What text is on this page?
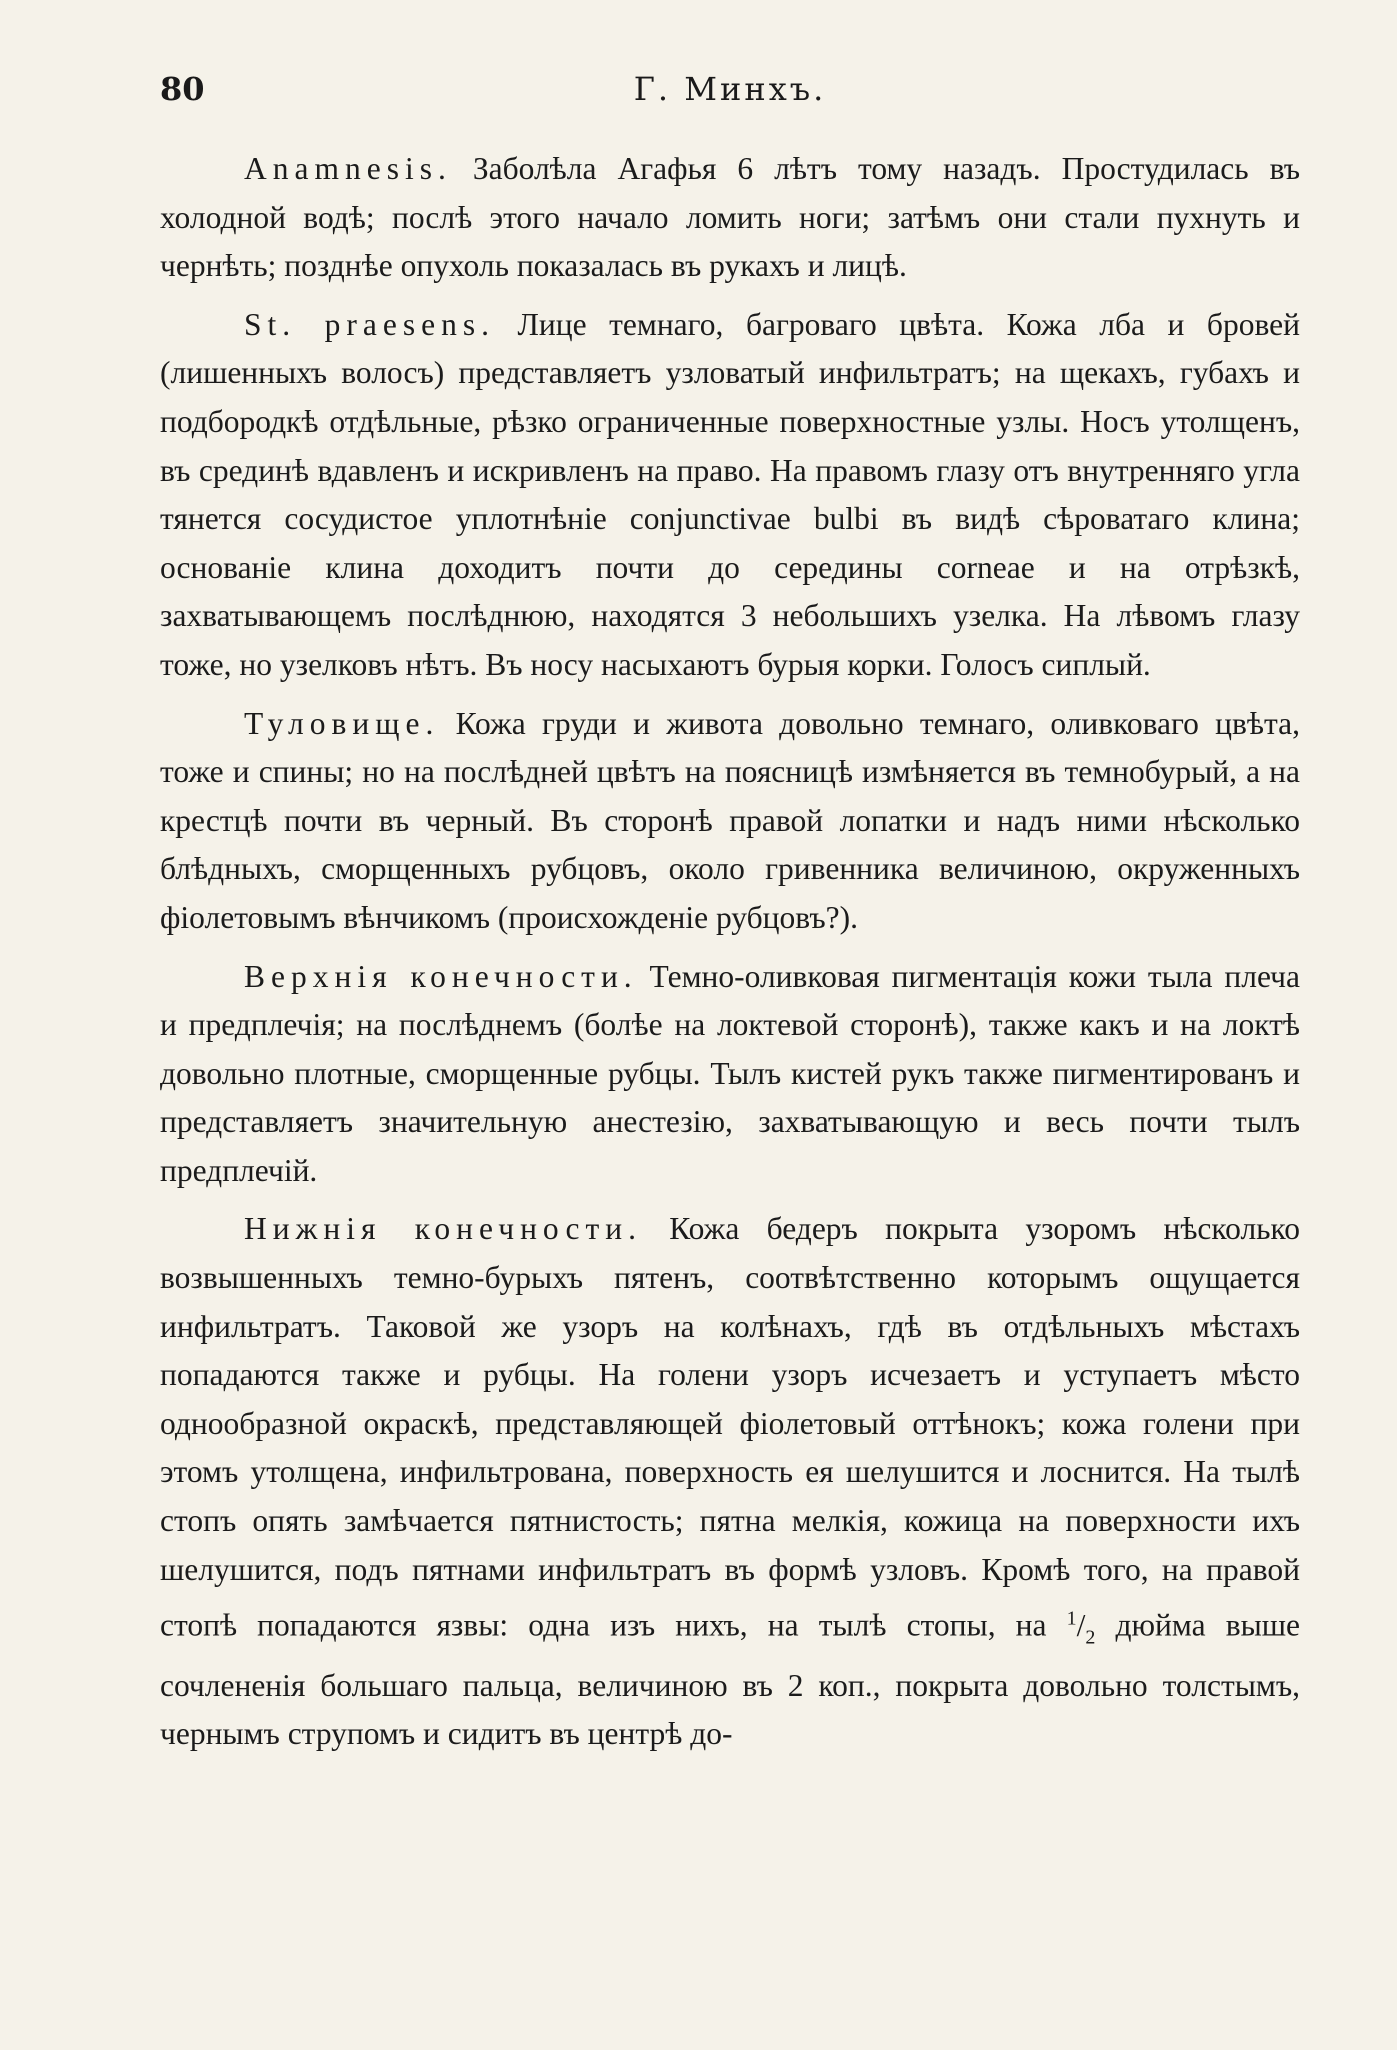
80	Г. Минхъ.

Anamnesis. Заболѣла Агафья 6 лѣтъ тому назадъ. Простудилась въ холодной водѣ; послѣ этого начало ломить ноги; затѣмъ они стали пухнуть и чернѣть; позднѣе опухоль показалась въ рукахъ и лицѣ.

St. praesens. Лице темнаго, багроваго цвѣта. Кожа лба и бровей (лишенныхъ волосъ) представляетъ узловатый инфильтратъ; на щекахъ, губахъ и подбородкѣ отдѣльные, рѣзко ограниченные поверхностные узлы. Носъ утолщенъ, въ срединѣ вдавленъ и искривленъ на право. На правомъ глазу отъ внутренняго угла тянется сосудистое уплотнѣніе conjunctivae bulbi въ видѣ сѣроватаго клина; основаніе клина доходитъ почти до середины corneae и на отрѣзкѣ, захватывающемъ послѣднюю, находятся 3 небольшихъ узелка. На лѣвомъ глазу тоже, но узелковъ нѣтъ. Въ носу насыхаютъ бурыя корки. Голосъ сиплый.

Туловище. Кожа груди и живота довольно темнаго, оливковаго цвѣта, тоже и спины; но на послѣдней цвѣтъ на поясницѣ измѣняется въ темнобурый, а на крестцѣ почти въ черный. Въ сторонѣ правой лопатки и надъ ними нѣсколько блѣдныхъ, сморщенныхъ рубцовъ, около гривенника величиною, окруженныхъ фіолетовымъ вѣнчикомъ (происхожденіе рубцовъ?).

Верхнія конечности. Темно-оливковая пигментація кожи тыла плеча и предплечія; на послѣднемъ (болѣе на локтевой сторонѣ), также какъ и на локтѣ довольно плотные, сморщенные рубцы. Тылъ кистей рукъ также пигментированъ и представляетъ значительную анестезію, захватывающую и весь почти тылъ предплечій.

Нижнія конечности. Кожа бедеръ покрыта узоромъ нѣсколько возвышенныхъ темно-бурыхъ пятенъ, соотвѣтственно которымъ ощущается инфильтратъ. Таковой же узоръ на колѣнахъ, гдѣ въ отдѣльныхъ мѣстахъ попадаются также и рубцы. На голени узоръ исчезаетъ и уступаетъ мѣсто однообразной окраскѣ, представляющей фіолетовый оттѣнокъ; кожа голени при этомъ утолщена, инфильтрована, поверхность ея шелушится и лоснится. На тылѣ стопъ опять замѣчается пятнистость; пятна мелкія, кожица на поверхности ихъ шелушится, подъ пятнами инфильтратъ въ формѣ узловъ. Кромѣ того, на правой стопѣ попадаются язвы: одна изъ нихъ, на тылѣ стопы, на $^1/_2$ дюйма выше сочлененія большаго пальца, величиною въ 2 коп., покрыта довольно толстымъ, чернымъ струпомъ и сидитъ въ центрѣ до-
